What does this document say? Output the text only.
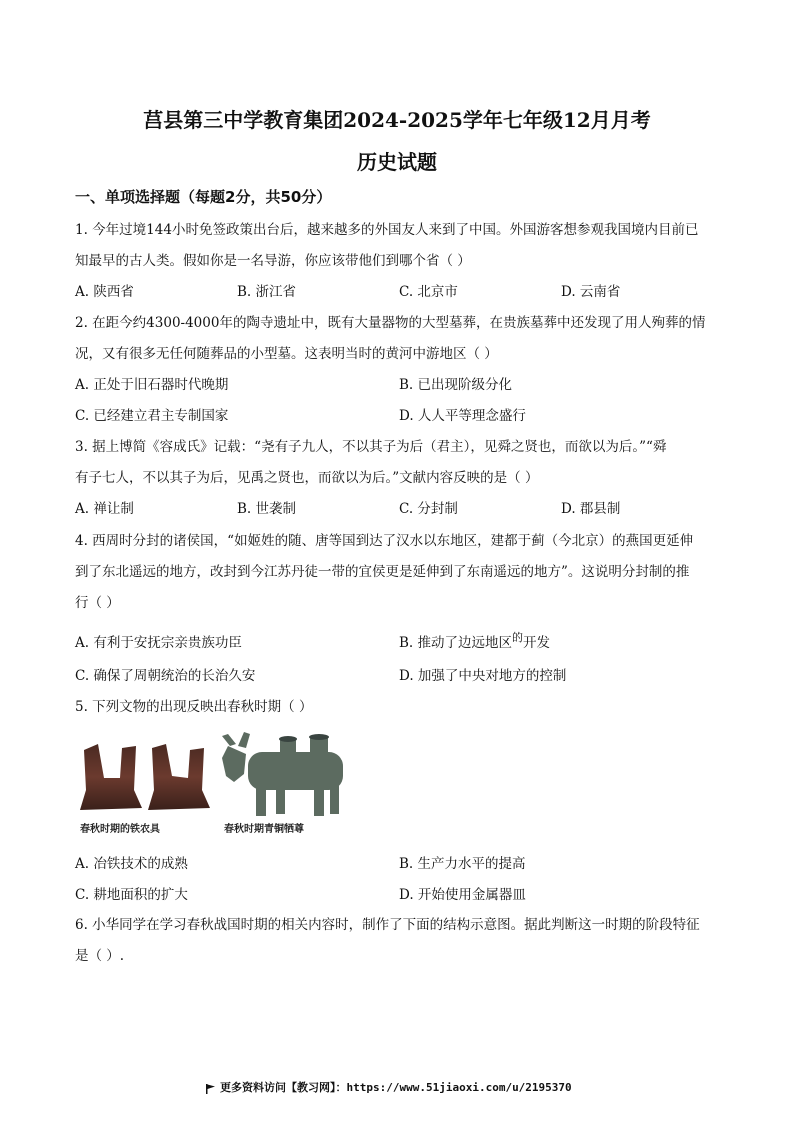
莒县第三中学教育集团2024-2025学年七年级12月月考
历史试题
一、单项选择题（每题2分，共50分）
1. 今年过境144小时免签政策出台后，越来越多的外国友人来到了中国。外国游客想参观我国境内目前已
知最早的古人类。假如你是一名导游，你应该带他们到哪个省（ ）
A. 陕西省	B. 浙江省	C. 北京市	D. 云南省
2. 在距今约4300-4000年的陶寺遗址中，既有大量器物的大型墓葬，在贵族墓葬中还发现了用人殉葬的情
况，又有很多无任何随葬品的小型墓。这表明当时的黄河中游地区（ ）
A. 正处于旧石器时代晚期	B. 已出现阶级分化
C. 已经建立君主专制国家	D. 人人平等理念盛行
3. 据上博简《容成氏》记载：“尧有子九人，不以其子为后（君主），见舜之贤也，而欲以为后。”“舜
有子七人，不以其子为后，见禹之贤也，而欲以为后。”文献内容反映的是（ ）
A. 禅让制	B. 世袭制	C. 分封制	D. 郡县制
4. 西周时分封的诸侯国，“如姬姓的随、唐等国到达了汉水以东地区，建都于蓟（今北京）的燕国更延伸
到了东北遥远的地方，改封到今江苏丹徒一带的宜侯更是延伸到了东南遥远的地方”。这说明分封制的推
行（ ）
A. 有利于安抚宗亲贵族功臣	B. 推动了边远地区$^的$开发
C. 确保了周朝统治的长治久安	D. 加强了中央对地方的控制
5. 下列文物的出现反映出春秋时期（ ）
春秋时期的铁农具	春秋时期青铜牺尊
A. 冶铁技术的成熟	B. 生产力水平的提高
C. 耕地面积的扩大	D. 开始使用金属器皿
6. 小华同学在学习春秋战国时期的相关内容时，制作了下面的结构示意图。据此判断这一时期的阶段特征
是（ ）.
更多资料访问【教习网】：https://www.51jiaoxi.com/u/2195370
